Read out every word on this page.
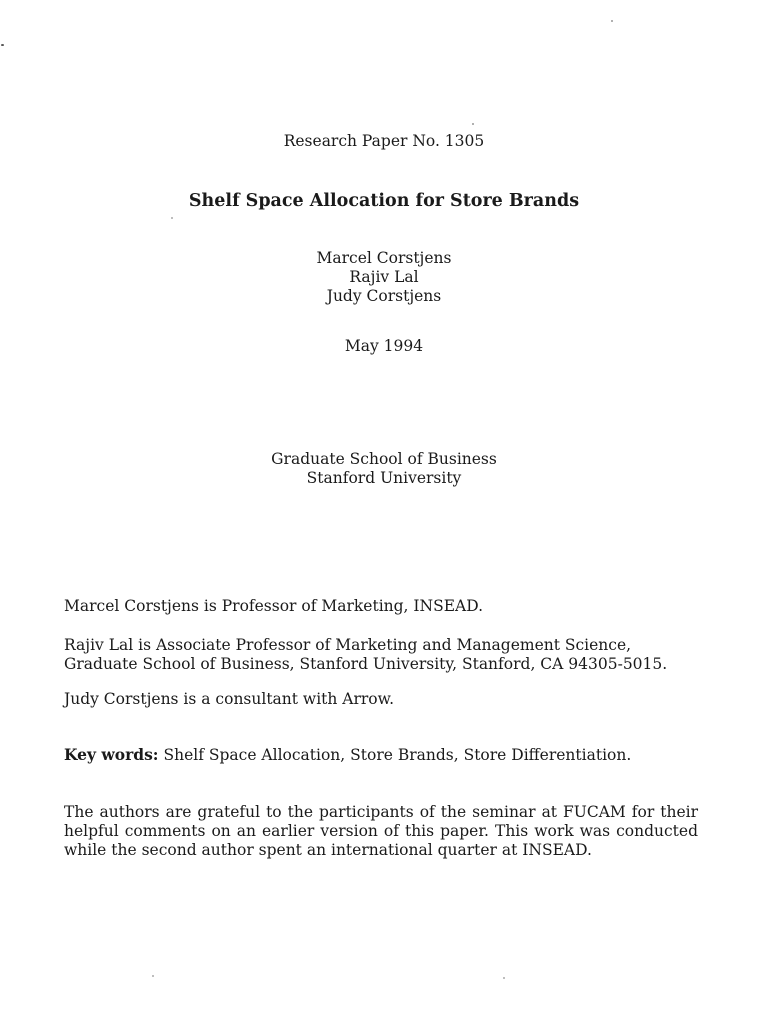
Research Paper No. 1305

Shelf Space Allocation for Store Brands

Marcel Corstjens
Rajiv Lal
Judy Corstjens

May 1994

Graduate School of Business
Stanford University

Marcel Corstjens is Professor of Marketing, INSEAD.

Rajiv Lal is Associate Professor of Marketing and Management Science, Graduate School of Business, Stanford University, Stanford, CA 94305-5015.

Judy Corstjens is a consultant with Arrow.

Key words: Shelf Space Allocation, Store Brands, Store Differentiation.

The authors are grateful to the participants of the seminar at FUCAM for their helpful comments on an earlier version of this paper. This work was conducted while the second author spent an international quarter at INSEAD.
